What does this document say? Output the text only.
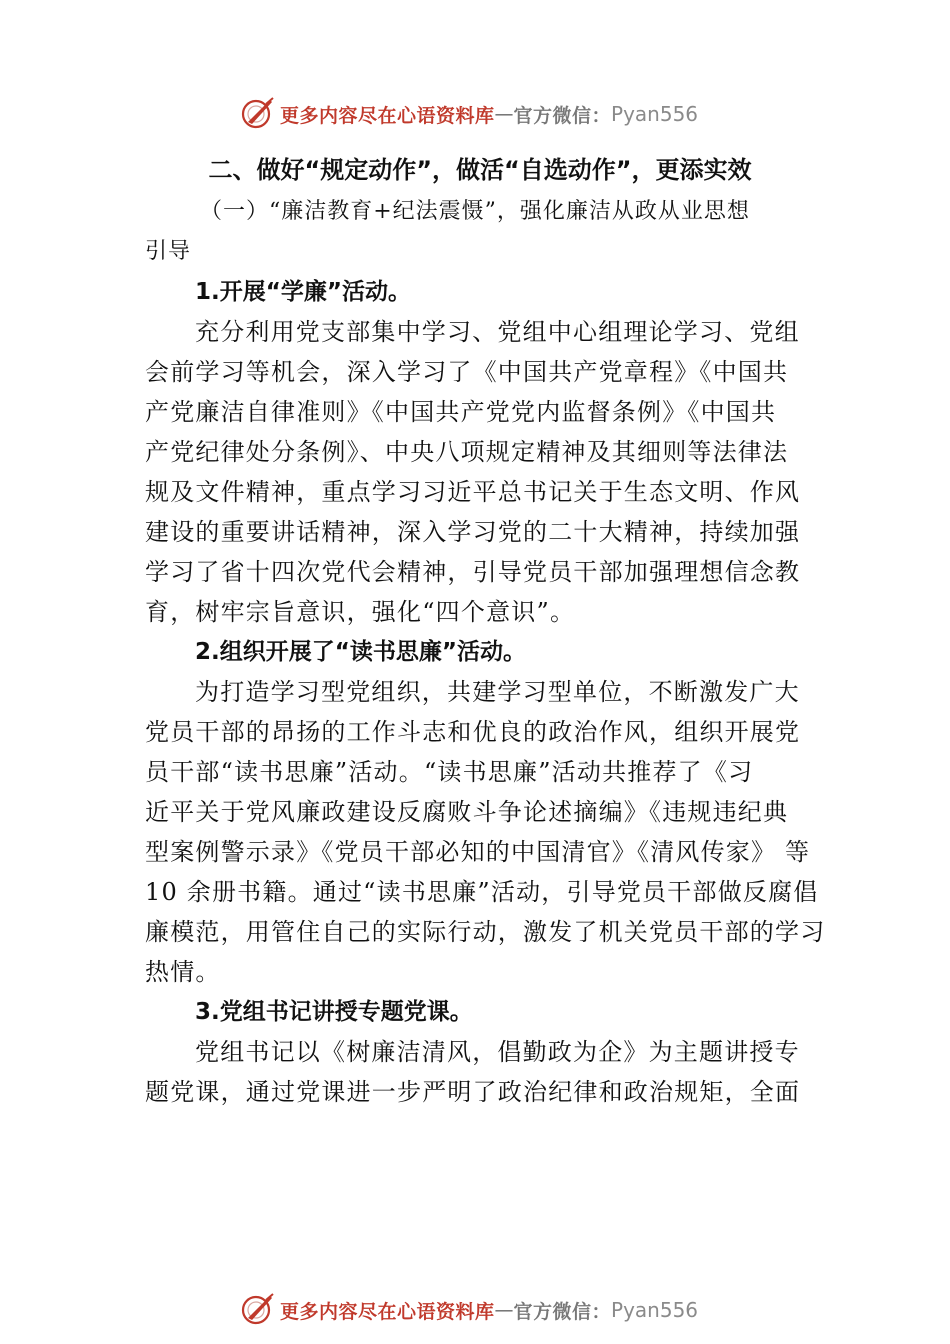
更多内容尽在心语资料库 — 官方微信： Pyan556

二、做好“规定动作”，做活“自选动作”，更添实效

（一）“廉洁教育+纪法震慑”，强化廉洁从政从业思想

引导

1.开展“学廉”活动。

充分利用党支部集中学习、党组中心组理论学习、党组

会前学习等机会，深入学习了《中国共产党章程》《中国共

产党廉洁自律准则》《中国共产党党内监督条例》《中国共

产党纪律处分条例》、中央八项规定精神及其细则等法律法

规及文件精神，重点学习习近平总书记关于生态文明、作风

建设的重要讲话精神，深入学习党的二十大精神，持续加强

学习了省十四次党代会精神，引导党员干部加强理想信念教

育，树牢宗旨意识，强化“四个意识”。

2.组织开展了“读书思廉”活动。

为打造学习型党组织，共建学习型单位，不断激发广大

党员干部的昂扬的工作斗志和优良的政治作风，组织开展党

员干部“读书思廉”活动。“读书思廉”活动共推荐了《习

近平关于党风廉政建设反腐败斗争论述摘编》《违规违纪典

型案例警示录》《党员干部必知的中国清官》《清风传家》 等

10 余册书籍。通过“读书思廉”活动，引导党员干部做反腐倡

廉模范，用管住自己的实际行动，激发了机关党员干部的学习

热情。

3.党组书记讲授专题党课。

党组书记以《树廉洁清风，倡勤政为企》为主题讲授专

题党课，通过党课进一步严明了政治纪律和政治规矩，全面

更多内容尽在心语资料库 — 官方微信： Pyan556
